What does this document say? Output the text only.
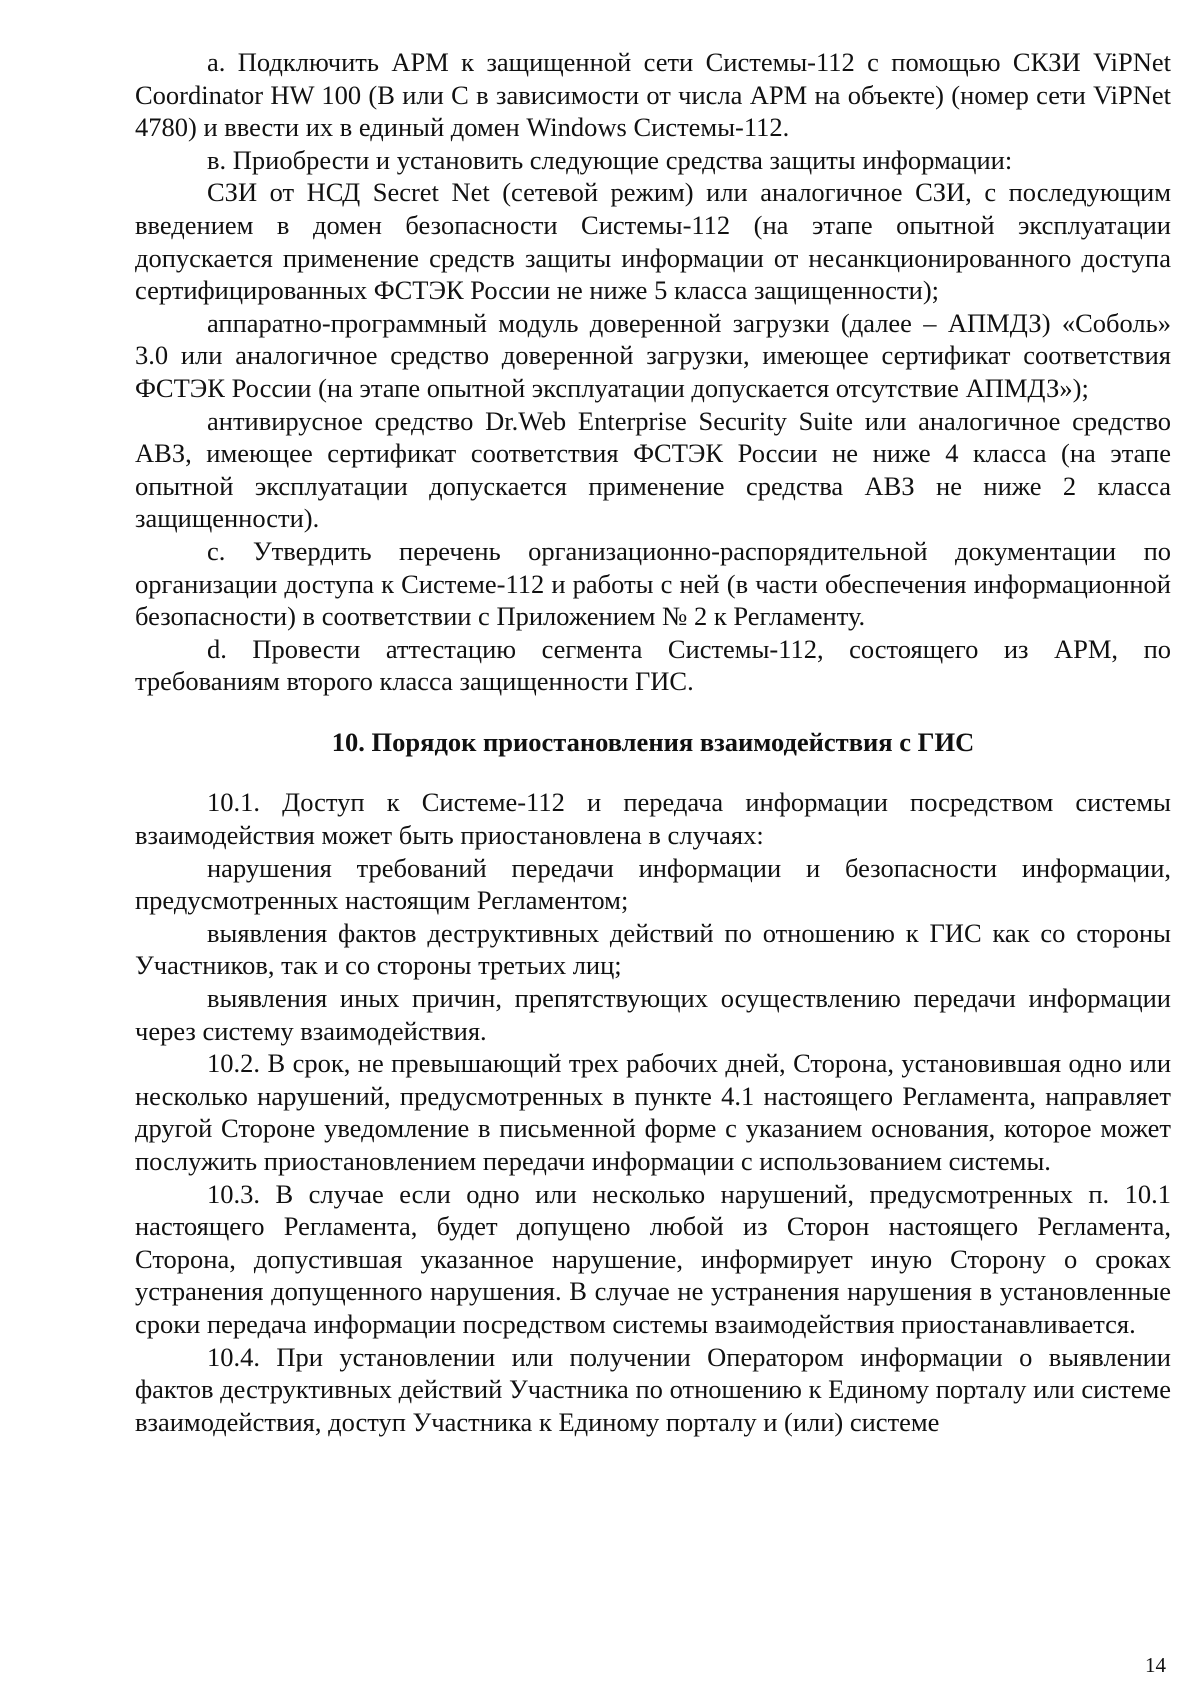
a. Подключить АРМ к защищенной сети Системы-112 с помощью СКЗИ ViPNet Coordinator HW 100 (B или C в зависимости от числа АРМ на объекте) (номер сети ViPNet 4780) и ввести их в единый домен Windows Системы-112.

в. Приобрести и установить следующие средства защиты информации:

СЗИ от НСД Secret Net (сетевой режим) или аналогичное СЗИ, с последующим введением в домен безопасности Системы-112 (на этапе опытной эксплуатации допускается применение средств защиты информации от несанкционированного доступа сертифицированных ФСТЭК России не ниже 5 класса защищенности);

аппаратно-программный модуль доверенной загрузки (далее – АПМДЗ) «Соболь» 3.0 или аналогичное средство доверенной загрузки, имеющее сертификат соответствия ФСТЭК России (на этапе опытной эксплуатации допускается отсутствие АПМДЗ»);

антивирусное средство Dr.Web Enterprise Security Suite или аналогичное средство АВЗ, имеющее сертификат соответствия ФСТЭК России не ниже 4 класса (на этапе опытной эксплуатации допускается применение средства АВЗ не ниже 2 класса защищенности).

c. Утвердить перечень организационно-распорядительной документации по организации доступа к Системе-112 и работы с ней (в части обеспечения информационной безопасности) в соответствии с Приложением № 2 к Регламенту.

d. Провести аттестацию сегмента Системы-112, состоящего из АРМ, по требованиям второго класса защищенности ГИС.

10. Порядок приостановления взаимодействия с ГИС

10.1. Доступ к Системе-112 и передача информации посредством системы взаимодействия может быть приостановлена в случаях:

нарушения требований передачи информации и безопасности информации, предусмотренных настоящим Регламентом;

выявления фактов деструктивных действий по отношению к ГИС как со стороны Участников, так и со стороны третьих лиц;

выявления иных причин, препятствующих осуществлению передачи информации через систему взаимодействия.

10.2. В срок, не превышающий трех рабочих дней, Сторона, установившая одно или несколько нарушений, предусмотренных в пункте 4.1 настоящего Регламента, направляет другой Стороне уведомление в письменной форме с указанием основания, которое может послужить приостановлением передачи информации с использованием системы.

10.3. В случае если одно или несколько нарушений, предусмотренных п. 10.1 настоящего Регламента, будет допущено любой из Сторон настоящего Регламента, Сторона, допустившая указанное нарушение, информирует иную Сторону о сроках устранения допущенного нарушения. В случае не устранения нарушения в установленные сроки передача информации посредством системы взаимодействия приостанавливается.

10.4. При установлении или получении Оператором информации о выявлении фактов деструктивных действий Участника по отношению к Единому порталу или системе взаимодействия, доступ Участника к Единому порталу и (или) системе

14
